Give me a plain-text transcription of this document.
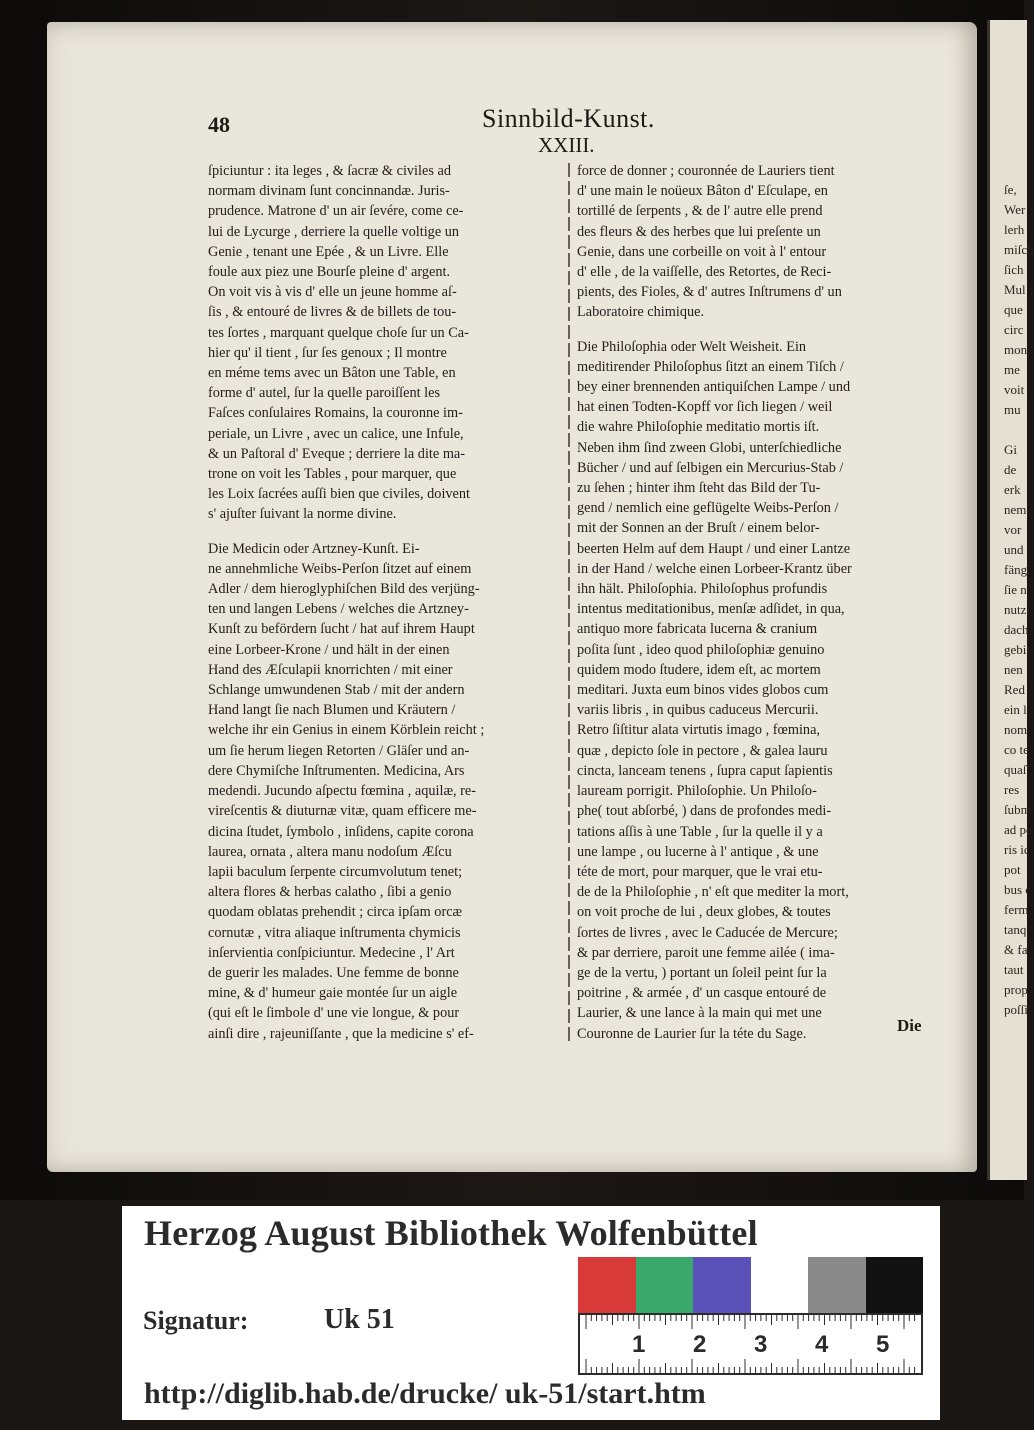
ſe,
Wer
lerh
miſch
ſich
Mul
que
circ
mon.
me
voit
mu

Gi
de
erk
nem
vor
und
fäng
ſie n
nutzl
dach
gebil
nen
Red
ein l
nom
co te
quaſ
res
ſubm
ad pe
ris ic
pot
bus c
ferm
tanq
& fa
taut
prop
poſſi
48	Sinnbild-Kunst.
XXIII.
ſpiciuntur : ita leges , & ſacræ & civiles ad
normam divinam ſunt concinnandæ. Juris-
prudence. Matrone d' un air ſevére, come ce-
lui de Lycurge , derriere la quelle voltige un
Genie , tenant une Epée , & un Livre. Elle
foule aux piez une Bourſe pleine d' argent.
On voit vis à vis d' elle un jeune homme aſ-
ſis , & entouré de livres & de billets de tou-
tes ſortes , marquant quelque choſe ſur un Ca-
hier qu' il tient , ſur ſes genoux ; Il montre
en méme tems avec un Bâton une Table, en
forme d' autel, ſur la quelle paroiſſent les
Faſces conſulaires Romains, la couronne im-
periale, un Livre , avec un calice, une Infule,
& un Paſtoral d' Eveque ; derriere la dite ma-
trone on voit les Tables , pour marquer, que
les Loix ſacrées auſſi bien que civiles, doivent
s' ajuſter ſuivant la norme divine.
Die Medicin oder Artzney-Kunſt. Ei-
ne annehmliche Weibs-Perſon ſitzet auf einem
Adler / dem hieroglyphiſchen Bild des verjüng-
ten und langen Lebens / welches die Artzney-
Kunſt zu befördern ſucht / hat auf ihrem Haupt
eine Lorbeer-Krone / und hält in der einen
Hand des Æſculapii knorrichten / mit einer
Schlange umwundenen Stab / mit der andern
Hand langt ſie nach Blumen und Kräutern /
welche ihr ein Genius in einem Körblein reicht ;
um ſie herum liegen Retorten / Gläſer und an-
dere Chymiſche Inſtrumenten. Medicina, Ars
medendi. Jucundo aſpectu fœmina , aquilæ, re-
vireſcentis & diuturnæ vitæ, quam efficere me-
dicina ſtudet, ſymbolo , inſidens, capite corona
laurea, ornata , altera manu nodoſum Æſcu
lapii baculum ſerpente circumvolutum tenet;
altera flores & herbas calatho , ſibi a genio
quodam oblatas prehendit ; circa ipſam orcæ
cornutæ , vitra aliaque inſtrumenta chymicis
inſervientia conſpiciuntur. Medecine , l' Art
de guerir les malades. Une femme de bonne
mine, & d' humeur gaie montée ſur un aigle
(qui eſt le ſimbole d' une vie longue, & pour
ainſi dire , rajeuniſſante , que la medicine s' ef-
force de donner ; couronnée de Lauriers tient
d' une main le noüeux Bâton d' Eſculape, en
tortillé de ſerpents , & de l' autre elle prend
des fleurs & des herbes que lui preſente un
Genie, dans une corbeille on voit à l' entour
d' elle , de la vaiſſelle, des Retortes, de Reci-
pients, des Fioles, & d' autres Inſtrumens d' un
Laboratoire chimique.
Die Philoſophia oder Welt Weisheit. Ein
meditirender Philoſophus ſitzt an einem Tiſch /
bey einer brennenden antiquiſchen Lampe / und
hat einen Todten-Kopff vor ſich liegen / weil
die wahre Philoſophie meditatio mortis iſt.
Neben ihm ſind zween Globi, unterſchiedliche
Bücher / und auf ſelbigen ein Mercurius-Stab /
zu ſehen ; hinter ihm ſteht das Bild der Tu-
gend / nemlich eine geflügelte Weibs-Perſon /
mit der Sonnen an der Bruſt / einem belor-
beerten Helm auf dem Haupt / und einer Lantze
in der Hand / welche einen Lorbeer-Krantz über
ihn hält. Philoſophia. Philoſophus profundis
intentus meditationibus, menſæ adſidet, in qua,
antiquo more fabricata lucerna & cranium
poſita ſunt , ideo quod philoſophiæ genuino
quidem modo ſtudere, idem eſt, ac mortem
meditari. Juxta eum binos vides globos cum
variis libris , in quibus caduceus Mercurii.
Retro ſiſtitur alata virtutis imago , fœmina,
quæ , depicto ſole in pectore , & galea lauru
cincta, lanceam tenens , ſupra caput ſapientis
lauream porrigit. Philoſophie. Un Philoſo-
phe( tout abſorbé, ) dans de profondes medi-
tations aſſis à une Table , ſur la quelle il y a
une lampe , ou lucerne à l' antique , & une
téte de mort, pour marquer, que le vrai etu-
de de la Philoſophie , n' eſt que mediter la mort,
on voit proche de lui , deux globes, & toutes
ſortes de livres , avec le Caducée de Mercure;
& par derriere, paroit une femme ailée ( ima-
ge de la vertu, ) portant un ſoleil peint ſur la
poitrine , & armée , d' un casque entouré de
Laurier, & une lance à la main qui met une
Couronne de Laurier ſur la téte du Sage.	Die
Herzog August Bibliothek Wolfenbüttel
Signatur:	Uk 51
1 2 3 4 5
http://diglib.hab.de/drucke/ uk-51/start.htm
